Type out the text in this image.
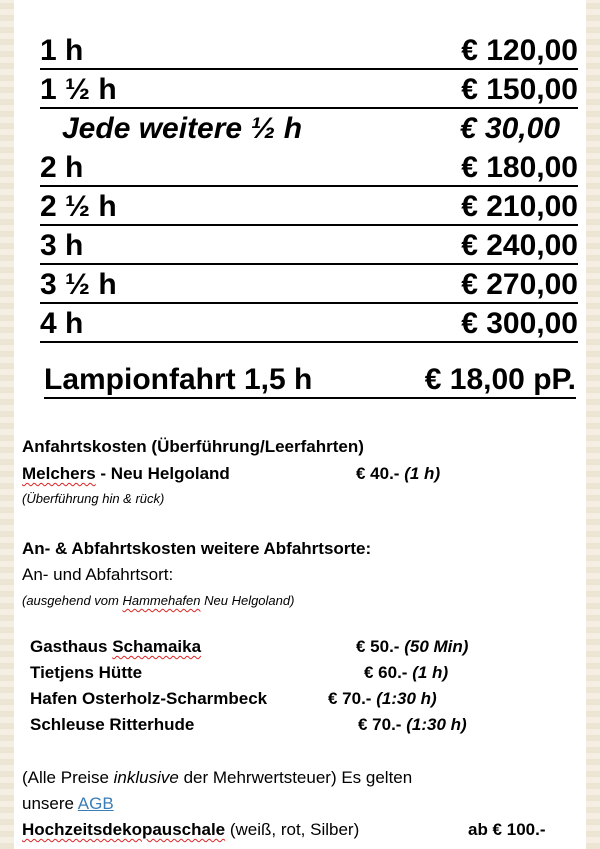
1 h	€ 120,00
1 ½ h	€ 150,00
Jede weitere ½ h	€ 30,00
2 h	€ 180,00
2 ½ h	€ 210,00
3 h	€ 240,00
3 ½ h	€ 270,00
4 h	€ 300,00
Lampionfahrt 1,5 h	€ 18,00 pP.
Anfahrtskosten (Überführung/Leerfahrten)
Melchers - Neu Helgoland	€ 40.- (1 h)
(Überführung hin & rück)
An- & Abfahrtskosten weitere Abfahrtsorte:
An- und Abfahrtsort:
(ausgehend vom Hammehafen Neu Helgoland)
Gasthaus Schamaika	€ 50.- (50 Min)
Tietjens Hütte	€ 60.- (1 h)
Hafen Osterholz-Scharmbeck	€ 70.- (1:30 h)
Schleuse Ritterhude	€ 70.- (1:30 h)
(Alle Preise inklusive der Mehrwertsteuer) Es gelten
unsere AGB
Hochzeitsdekopauschale (weiß, rot, Silber)	ab € 100.-
